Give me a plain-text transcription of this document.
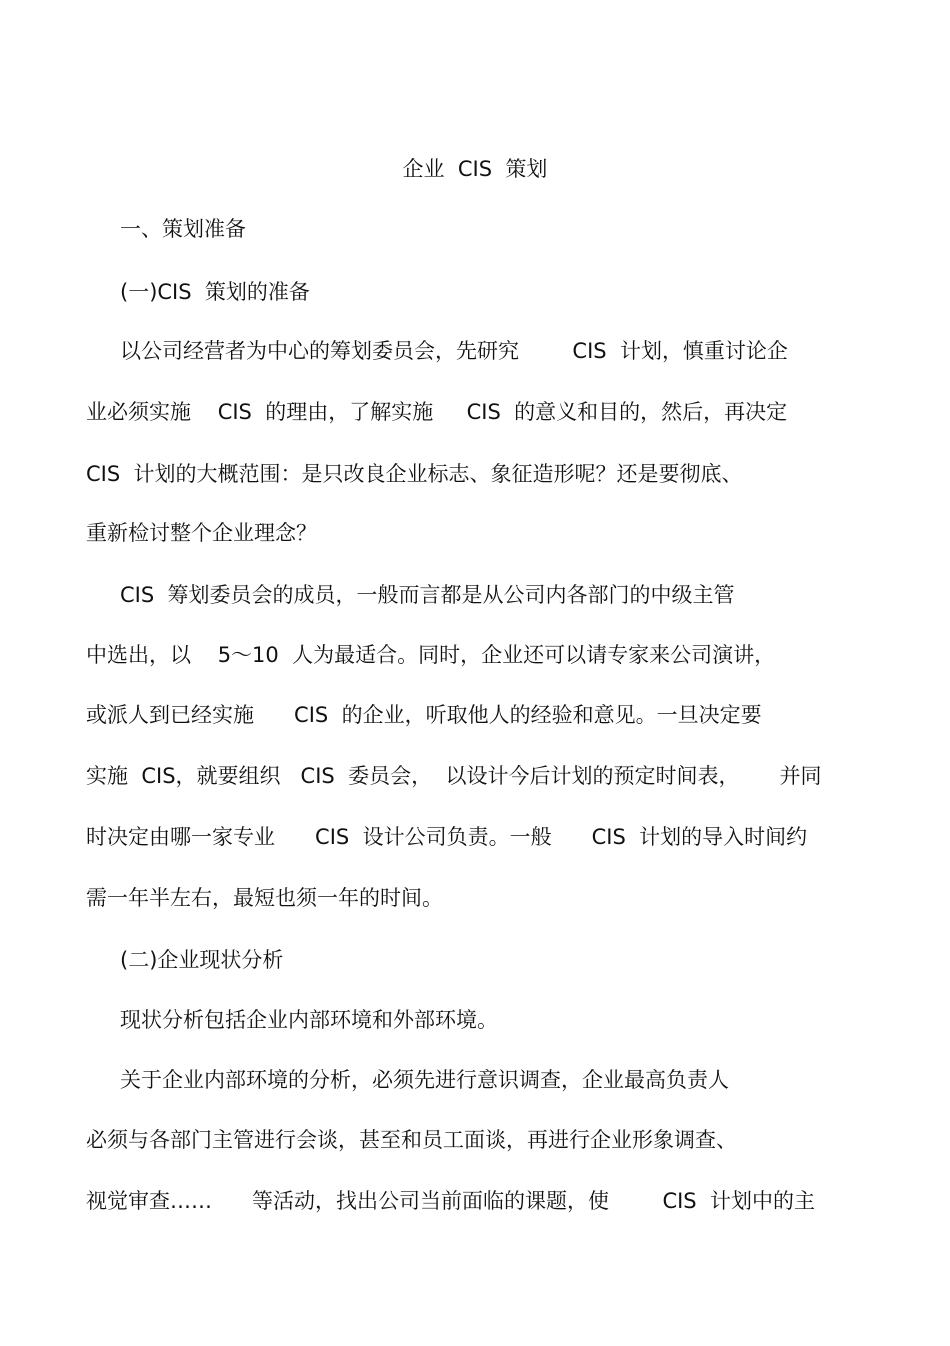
企业  CIS  策划
一、策划准备
(一)CIS  策划的准备
以公司经营者为中心的筹划委员会，先研究        CIS  计划，慎重讨论企
业必须实施    CIS  的理由，了解实施     CIS  的意义和目的，然后，再决定
CIS  计划的大概范围：是只改良企业标志、象征造形呢？还是要彻底、
重新检讨整个企业理念？
CIS  筹划委员会的成员，一般而言都是从公司内各部门的中级主管
中选出，以    5～10  人为最适合。同时，企业还可以请专家来公司演讲，
或派人到已经实施      CIS  的企业，听取他人的经验和意见。一旦决定要
实施  CIS，就要组织   CIS  委员会，  以设计今后计划的预定时间表，      并同
时决定由哪一家专业      CIS  设计公司负责。一般      CIS  计划的导入时间约
需一年半左右，最短也须一年的时间。
(二)企业现状分析
现状分析包括企业内部环境和外部环境。
关于企业内部环境的分析，必须先进行意识调查，企业最高负责人
必须与各部门主管进行会谈，甚至和员工面谈，再进行企业形象调查、
视觉审查……      等活动，找出公司当前面临的课题，使        CIS  计划中的主
